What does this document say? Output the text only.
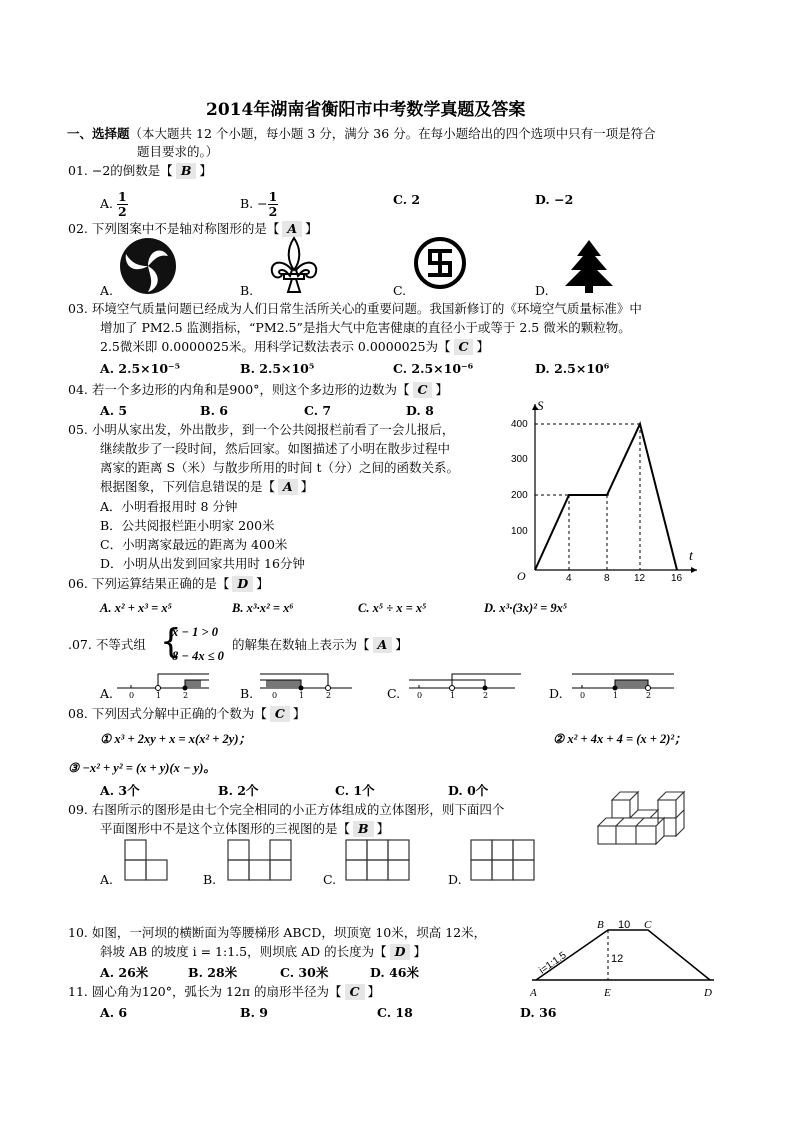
2014年湖南省衡阳市中考数学真题及答案
一、选择题（本大题共 12 个小题，每小题 3 分，满分 36 分。在每小题给出的四个选项中只有一项是符合
题目要求的。）
01. −2的倒数是【 B 】
A. $\frac{1}{2}$	B. − $\frac{1}{2}$	C. 2	D. −2
02. 下列图案中不是轴对称图形的是【 A 】
A.	B.	C.	D.
03. 环境空气质量问题已经成为人们日常生活所关心的重要问题。我国新修订的《环境空气质量标准》中
增加了 PM2.5 监测指标，“PM2.5”是指大气中危害健康的直径小于或等于 2.5 微米的颗粒物。
2.5微米即 0.0000025米。用科学记数法表示 0.0000025为【 C 】
A. 2.5×10⁻⁵	B. 2.5×10⁵	C. 2.5×10⁻⁶	D. 2.5×10⁶
04. 若一个多边形的内角和是900°，则这个多边形的边数为【 C 】
A. 5	B. 6	C. 7	D. 8
05. 小明从家出发，外出散步，到一个公共阅报栏前看了一会儿报后，
继续散步了一段时间，然后回家。如图描述了小明在散步过程中
离家的距离 S（米）与散步所用的时间 t（分）之间的函数关系。
根据图象，下列信息错误的是【 A 】
A．小明看报用时 8 分钟
B．公共阅报栏距小明家 200米
C．小明离家最远的距离为 400米
D．小明从出发到回家共用时 16分钟
S
t
O
100
200
300
400
4	8 12	16
06. 下列运算结果正确的是【 D 】
A. x² + x³ = x⁵	B. x³·x² = x⁶	C. x⁵ ÷ x = x⁵	D. x³·(3x)² = 9x⁵
.07. 不等式组 {
x − 1 > 0
8 − 4x ≤ 0
的解集在数轴上表示为【 A 】
A.	B.	C.	D.
0	1	2	0	1	2	0	1	2	0	1	2
08. 下列因式分解中正确的个数为【 C 】
① x³ + 2xy + x = x(x² + 2y)；	② x² + 4x + 4 = (x + 2)²；
③ −x² + y² = (x + y)(x − y)。
A. 3个	B. 2个	C. 1个	D. 0个
09. 右图所示的图形是由七个完全相同的小正方体组成的立体图形，则下面四个
平面图形中不是这个立体图形的三视图的是【 B 】
A.	B.	C.	D.
10. 如图，一河坝的横断面为等腰梯形 ABCD，坝顶宽 10米，坝高 12米，
斜坡 AB 的坡度 i = 1:1.5，则坝底 AD 的长度为【 D 】
A. 26米	B. 28米	C. 30米	D. 46米
A
B	C
D
E
10
12
i=1:1.5
11. 圆心角为120°，弧长为 12π 的扇形半径为【 C 】
A. 6	B. 9	C. 18	D. 36
